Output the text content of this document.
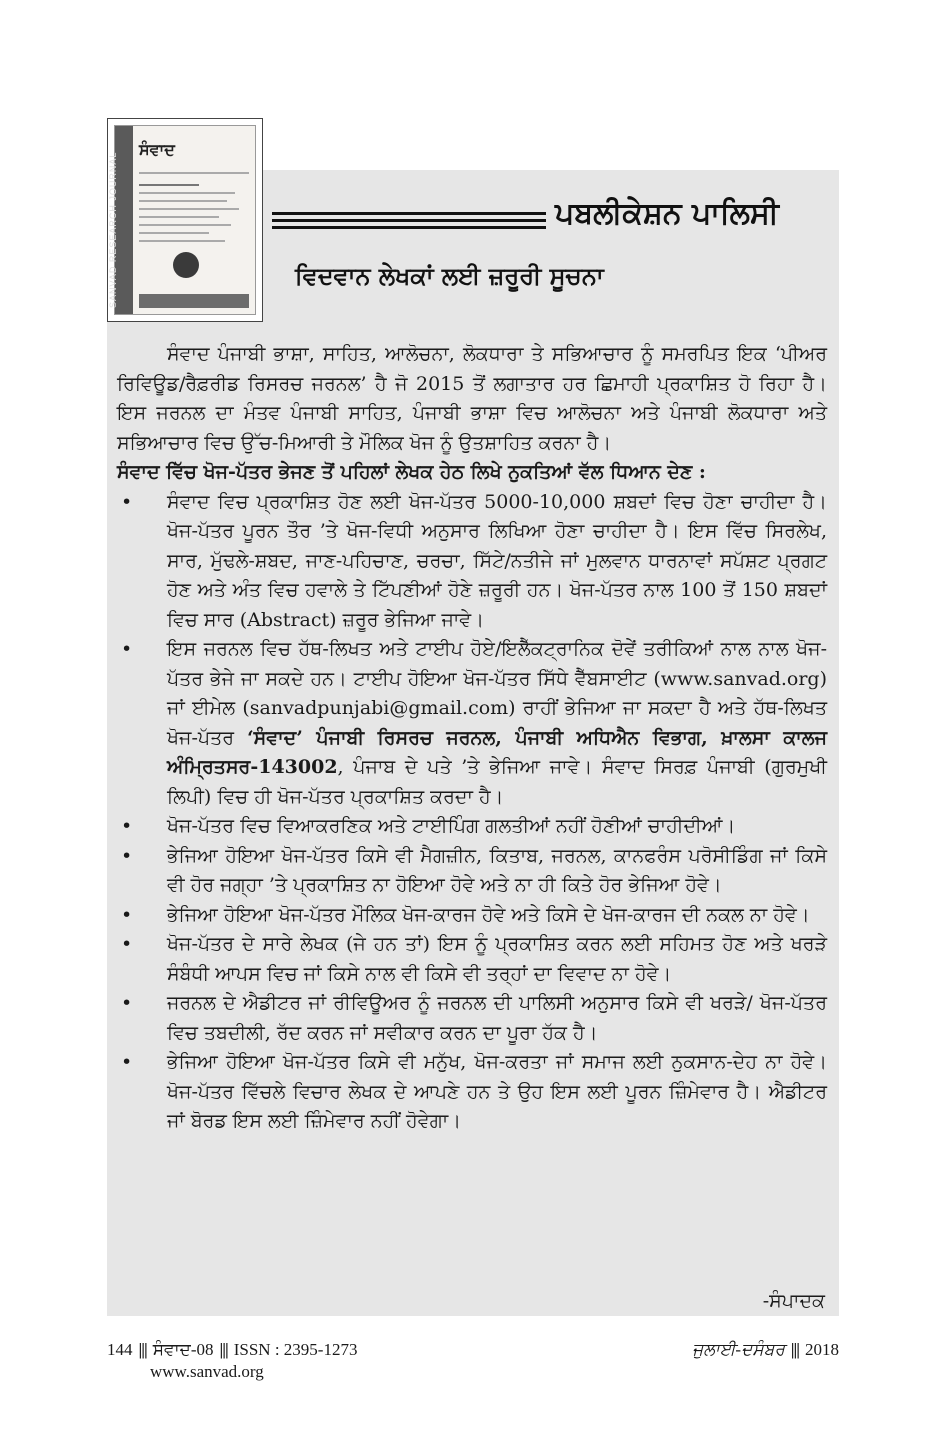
SANVAD RESEARCH JOURNAL
ਸੰਵਾਦ
ਪਬਲੀਕੇਸ਼ਨ ਪਾਲਿਸੀ
ਵਿਦਵਾਨ ਲੇਖਕਾਂ ਲਈ ਜ਼ਰੂਰੀ ਸੂਚਨਾ

ਸੰਵਾਦ ਪੰਜਾਬੀ ਭਾਸ਼ਾ, ਸਾਹਿਤ, ਆਲੋਚਨਾ, ਲੋਕਧਾਰਾ ਤੇ ਸਭਿਆਚਾਰ ਨੂੰ ਸਮਰਪਿਤ ਇਕ ‘ਪੀਅਰ ਰਿਵਿਊਡ/ਰੈਫ਼ਰੀਡ ਰਿਸਰਚ ਜਰਨਲ’ ਹੈ ਜੋ 2015 ਤੋਂ ਲਗਾਤਾਰ ਹਰ ਛਿਮਾਹੀ ਪ੍ਰਕਾਸ਼ਿਤ ਹੋ ਰਿਹਾ ਹੈ। ਇਸ ਜਰਨਲ ਦਾ ਮੰਤਵ ਪੰਜਾਬੀ ਸਾਹਿਤ, ਪੰਜਾਬੀ ਭਾਸ਼ਾ ਵਿਚ ਆਲੋਚਨਾ ਅਤੇ ਪੰਜਾਬੀ ਲੋਕਧਾਰਾ ਅਤੇ ਸਭਿਆਚਾਰ ਵਿਚ ਉੱਚ-ਮਿਆਰੀ ਤੇ ਮੌਲਿਕ ਖੋਜ ਨੂੰ ਉਤਸ਼ਾਹਿਤ ਕਰਨਾ ਹੈ।

ਸੰਵਾਦ ਵਿੱਚ ਖੋਜ-ਪੱਤਰ ਭੇਜਣ ਤੋਂ ਪਹਿਲਾਂ ਲੇਖਕ ਹੇਠ ਲਿਖੇ ਨੁਕਤਿਆਂ ਵੱਲ ਧਿਆਨ ਦੇਣ :

• ਸੰਵਾਦ ਵਿਚ ਪ੍ਰਕਾਸ਼ਿਤ ਹੋਣ ਲਈ ਖੋਜ-ਪੱਤਰ 5000-10,000 ਸ਼ਬਦਾਂ ਵਿਚ ਹੋਣਾ ਚਾਹੀਦਾ ਹੈ। ਖੋਜ-ਪੱਤਰ ਪੂਰਨ ਤੌਰ ’ਤੇ ਖੋਜ-ਵਿਧੀ ਅਨੁਸਾਰ ਲਿਖਿਆ ਹੋਣਾ ਚਾਹੀਦਾ ਹੈ। ਇਸ ਵਿੱਚ ਸਿਰਲੇਖ, ਸਾਰ, ਮੁੱਢਲੇ-ਸ਼ਬਦ, ਜਾਣ-ਪਹਿਚਾਣ, ਚਰਚਾ, ਸਿੱਟੇ/ਨਤੀਜੇ ਜਾਂ ਮੁਲਵਾਨ ਧਾਰਨਾਵਾਂ ਸਪੱਸ਼ਟ ਪ੍ਰਗਟ ਹੋਣ ਅਤੇ ਅੰਤ ਵਿਚ ਹਵਾਲੇ ਤੇ ਟਿੱਪਣੀਆਂ ਹੋਣੇ ਜ਼ਰੂਰੀ ਹਨ। ਖੋਜ-ਪੱਤਰ ਨਾਲ 100 ਤੋਂ 150 ਸ਼ਬਦਾਂ ਵਿਚ ਸਾਰ (Abstract) ਜ਼ਰੂਰ ਭੇਜਿਆ ਜਾਵੇ।
• ਇਸ ਜਰਨਲ ਵਿਚ ਹੱਥ-ਲਿਖਤ ਅਤੇ ਟਾਈਪ ਹੋਏ/ਇਲੈੱਕਟ੍ਰਾਨਿਕ ਦੋਵੇਂ ਤਰੀਕਿਆਂ ਨਾਲ ਨਾਲ ਖੋਜ-ਪੱਤਰ ਭੇਜੇ ਜਾ ਸਕਦੇ ਹਨ। ਟਾਈਪ ਹੋਇਆ ਖੋਜ-ਪੱਤਰ ਸਿੱਧੇ ਵੈੱਬਸਾਈਟ (www.sanvad.org) ਜਾਂ ਈਮੇਲ (sanvadpunjabi@gmail.com) ਰਾਹੀਂ ਭੇਜਿਆ ਜਾ ਸਕਦਾ ਹੈ ਅਤੇ ਹੱਥ-ਲਿਖਤ ਖੋਜ-ਪੱਤਰ ‘ਸੰਵਾਦ’ ਪੰਜਾਬੀ ਰਿਸਰਚ ਜਰਨਲ, ਪੰਜਾਬੀ ਅਧਿਐਨ ਵਿਭਾਗ, ਖ਼ਾਲਸਾ ਕਾਲਜ ਅੰਮ੍ਰਿਤਸਰ-143002, ਪੰਜਾਬ ਦੇ ਪਤੇ ’ਤੇ ਭੇਜਿਆ ਜਾਵੇ। ਸੰਵਾਦ ਸਿਰਫ਼ ਪੰਜਾਬੀ (ਗੁਰਮੁਖੀ ਲਿਪੀ) ਵਿਚ ਹੀ ਖੋਜ-ਪੱਤਰ ਪ੍ਰਕਾਸ਼ਿਤ ਕਰਦਾ ਹੈ।
• ਖੋਜ-ਪੱਤਰ ਵਿਚ ਵਿਆਕਰਣਿਕ ਅਤੇ ਟਾਈਪਿੰਗ ਗਲਤੀਆਂ ਨਹੀਂ ਹੋਣੀਆਂ ਚਾਹੀਦੀਆਂ।
• ਭੇਜਿਆ ਹੋਇਆ ਖੋਜ-ਪੱਤਰ ਕਿਸੇ ਵੀ ਮੈਗਜ਼ੀਨ, ਕਿਤਾਬ, ਜਰਨਲ, ਕਾਨਫਰੰਸ ਪਰੋਸੀਡਿੰਗ ਜਾਂ ਕਿਸੇ ਵੀ ਹੋਰ ਜਗ੍ਹਾ ’ਤੇ ਪ੍ਰਕਾਸ਼ਿਤ ਨਾ ਹੋਇਆ ਹੋਵੇ ਅਤੇ ਨਾ ਹੀ ਕਿਤੇ ਹੋਰ ਭੇਜਿਆ ਹੋਵੇ।
• ਭੇਜਿਆ ਹੋਇਆ ਖੋਜ-ਪੱਤਰ ਮੌਲਿਕ ਖੋਜ-ਕਾਰਜ ਹੋਵੇ ਅਤੇ ਕਿਸੇ ਦੇ ਖੋਜ-ਕਾਰਜ ਦੀ ਨਕਲ ਨਾ ਹੋਵੇ।
• ਖੋਜ-ਪੱਤਰ ਦੇ ਸਾਰੇ ਲੇਖਕ (ਜੇ ਹਨ ਤਾਂ) ਇਸ ਨੂੰ ਪ੍ਰਕਾਸ਼ਿਤ ਕਰਨ ਲਈ ਸਹਿਮਤ ਹੋਣ ਅਤੇ ਖਰੜੇ ਸੰਬੰਧੀ ਆਪਸ ਵਿਚ ਜਾਂ ਕਿਸੇ ਨਾਲ ਵੀ ਕਿਸੇ ਵੀ ਤਰ੍ਹਾਂ ਦਾ ਵਿਵਾਦ ਨਾ ਹੋਵੇ।
• ਜਰਨਲ ਦੇ ਐਡੀਟਰ ਜਾਂ ਰੀਵਿਊਅਰ ਨੂੰ ਜਰਨਲ ਦੀ ਪਾਲਿਸੀ ਅਨੁਸਾਰ ਕਿਸੇ ਵੀ ਖਰੜੇ/ ਖੋਜ-ਪੱਤਰ ਵਿਚ ਤਬਦੀਲੀ, ਰੱਦ ਕਰਨ ਜਾਂ ਸਵੀਕਾਰ ਕਰਨ ਦਾ ਪੂਰਾ ਹੱਕ ਹੈ।
• ਭੇਜਿਆ ਹੋਇਆ ਖੋਜ-ਪੱਤਰ ਕਿਸੇ ਵੀ ਮਨੁੱਖ, ਖੋਜ-ਕਰਤਾ ਜਾਂ ਸਮਾਜ ਲਈ ਨੁਕਸਾਨ-ਦੇਹ ਨਾ ਹੋਵੇ। ਖੋਜ-ਪੱਤਰ ਵਿੱਚਲੇ ਵਿਚਾਰ ਲੇਖਕ ਦੇ ਆਪਣੇ ਹਨ ਤੇ ਉਹ ਇਸ ਲਈ ਪੂਰਨ ਜ਼ਿੰਮੇਵਾਰ ਹੈ। ਐਡੀਟਰ ਜਾਂ ਬੋਰਡ ਇਸ ਲਈ ਜ਼ਿੰਮੇਵਾਰ ਨਹੀਂ ਹੋਵੇਗਾ।
-ਸੰਪਾਦਕ
144 ||| ਸੰਵਾਦ-08 ||| ISSN : 2395-1273
www.sanvad.org
ਜੁਲਾਈ-ਦਸੰਬਰ ||| 2018
